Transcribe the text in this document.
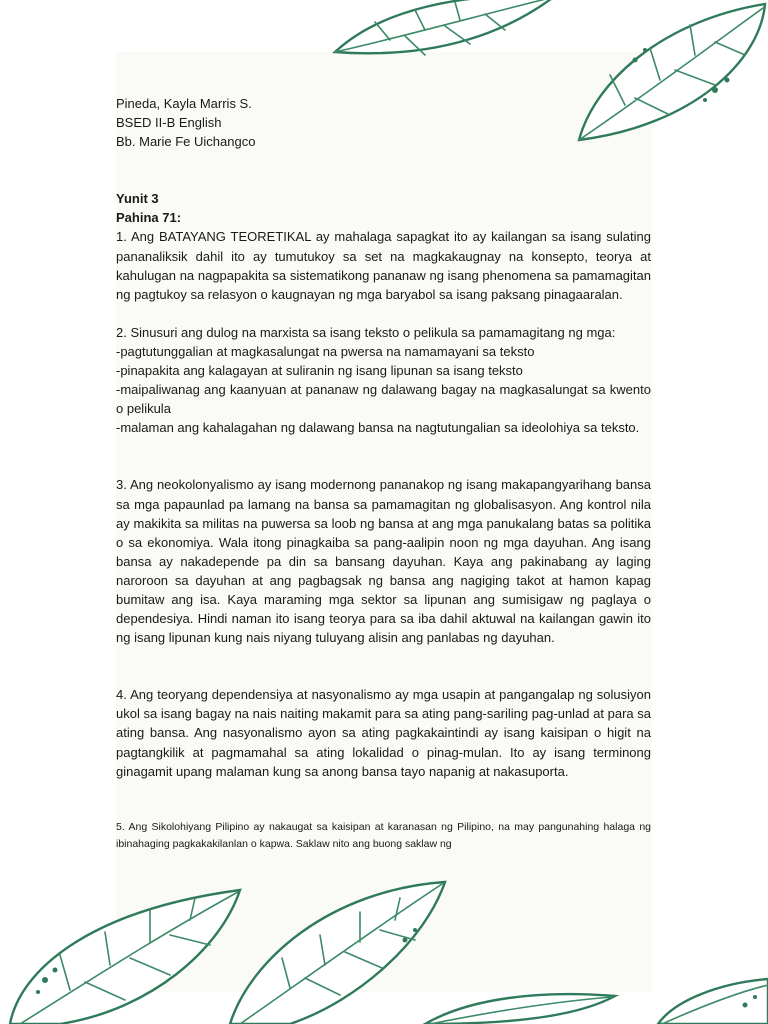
Pineda, Kayla Marris S.

BSED II-B English

Bb. Marie Fe Uichangco

Yunit 3

Pahina 71:

1. Ang BATAYANG TEORETIKAL ay mahalaga sapagkat ito ay kailangan sa isang sulating pananaliksik dahil ito ay tumutukoy sa set na magkakaugnay na konsepto, teorya at kahulugan na nagpapakita sa sistematikong pananaw ng isang phenomena sa pamamagitan ng pagtukoy sa relasyon o kaugnayan ng mga baryabol sa isang paksang pinagaaralan.

2. Sinusuri ang dulog na marxista sa isang teksto o pelikula sa pamamagitang ng mga:

-pagtutunggalian at magkasalungat na pwersa na namamayani sa teksto

-pinapakita ang kalagayan at suliranin ng isang lipunan sa isang teksto

-maipaliwanag ang kaanyuan at pananaw ng dalawang bagay na magkasalungat sa kwento o pelikula

-malaman ang kahalagahan ng dalawang bansa na nagtutungalian sa ideolohiya sa teksto.

3. Ang neokolonyalismo ay isang modernong pananakop ng isang makapangyarihang bansa sa mga papaunlad pa lamang na bansa sa pamamagitan ng globalisasyon. Ang kontrol nila ay makikita sa militas na puwersa sa loob ng bansa at ang mga panukalang batas sa politika o sa ekonomiya. Wala itong pinagkaiba sa pang-aalipin noon ng mga dayuhan. Ang isang bansa ay nakadepende pa din sa bansang dayuhan. Kaya ang pakinabang ay laging naroroon sa dayuhan at ang pagbagsak ng bansa ang nagiging takot at hamon kapag bumitaw ang isa. Kaya maraming mga sektor sa lipunan ang sumisigaw ng paglaya o dependesiya. Hindi naman ito isang teorya para sa iba dahil aktuwal na kailangan gawin ito ng isang lipunan kung nais niyang tuluyang alisin ang panlabas ng dayuhan.

4. Ang teoryang dependensiya at nasyonalismo ay mga usapin at pangangalap ng solusiyon ukol sa isang bagay na nais naiting makamit para sa ating pang-sariling pag-unlad at para sa ating bansa. Ang nasyonalismo ayon sa ating pagkakaintindi ay isang kaisipan o higit na pagtangkilik at pagmamahal sa ating lokalidad o pinag-mulan. Ito ay isang terminong ginagamit upang malaman kung sa anong bansa tayo napanig at nakasuporta.

5. Ang Sikolohiyang Pilipino ay nakaugat sa kaisipan at karanasan ng Pilipino, na may pangunahing halaga ng ibinahaging pagkakakilanlan o kapwa. Saklaw nito ang buong saklaw ng
